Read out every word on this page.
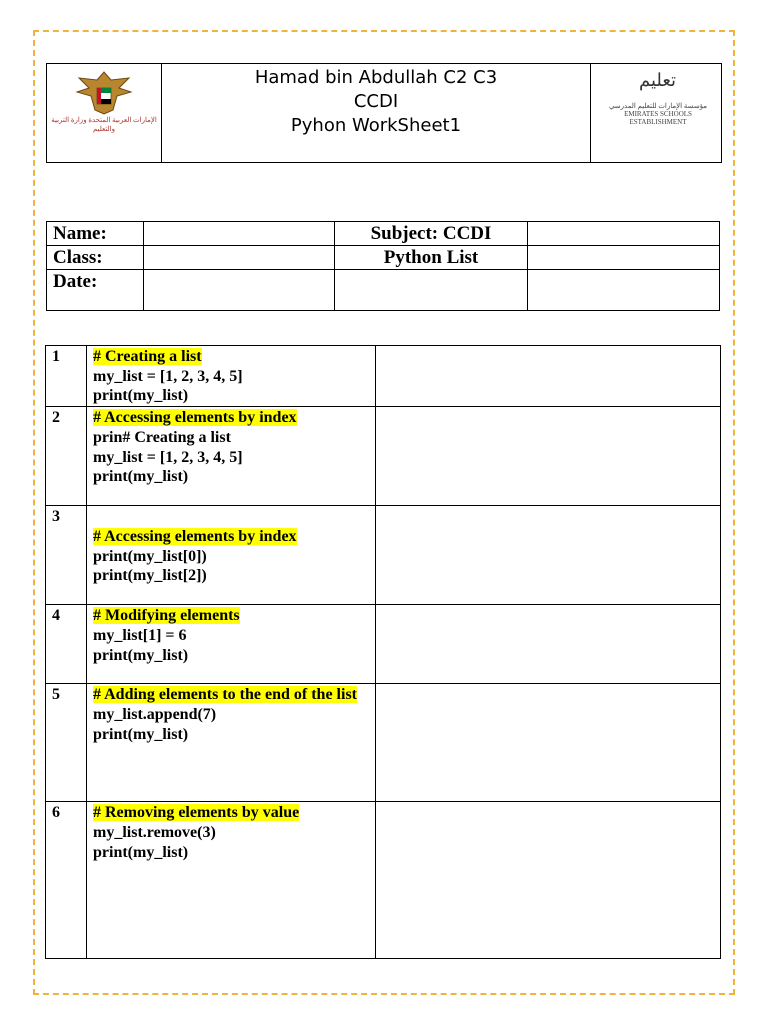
الإمارات العربية المتحدة وزارة التربية والتعليم

Hamad bin Abdullah C2 C3
CCDI
Pyhon WorkSheet1

تعليم
مؤسسة الإمارات للتعليم المدرسي EMIRATES SCHOOLS ESTABLISHMENT
Name:		Subject: CCDI	
Class:		Python List	
Date:			
1	# Creating a list
my_list = [1, 2, 3, 4, 5]
print(my_list)	

2	# Accessing elements by index
prin# Creating a list
my_list = [1, 2, 3, 4, 5]
print(my_list)	

3	# Accessing elements by index
print(my_list[0])
print(my_list[2])	

4	# Modifying elements
my_list[1] = 6
print(my_list)	

5	# Adding elements to the end of the list
my_list.append(7)
print(my_list)	

6	# Removing elements by value
my_list.remove(3)
print(my_list)	
